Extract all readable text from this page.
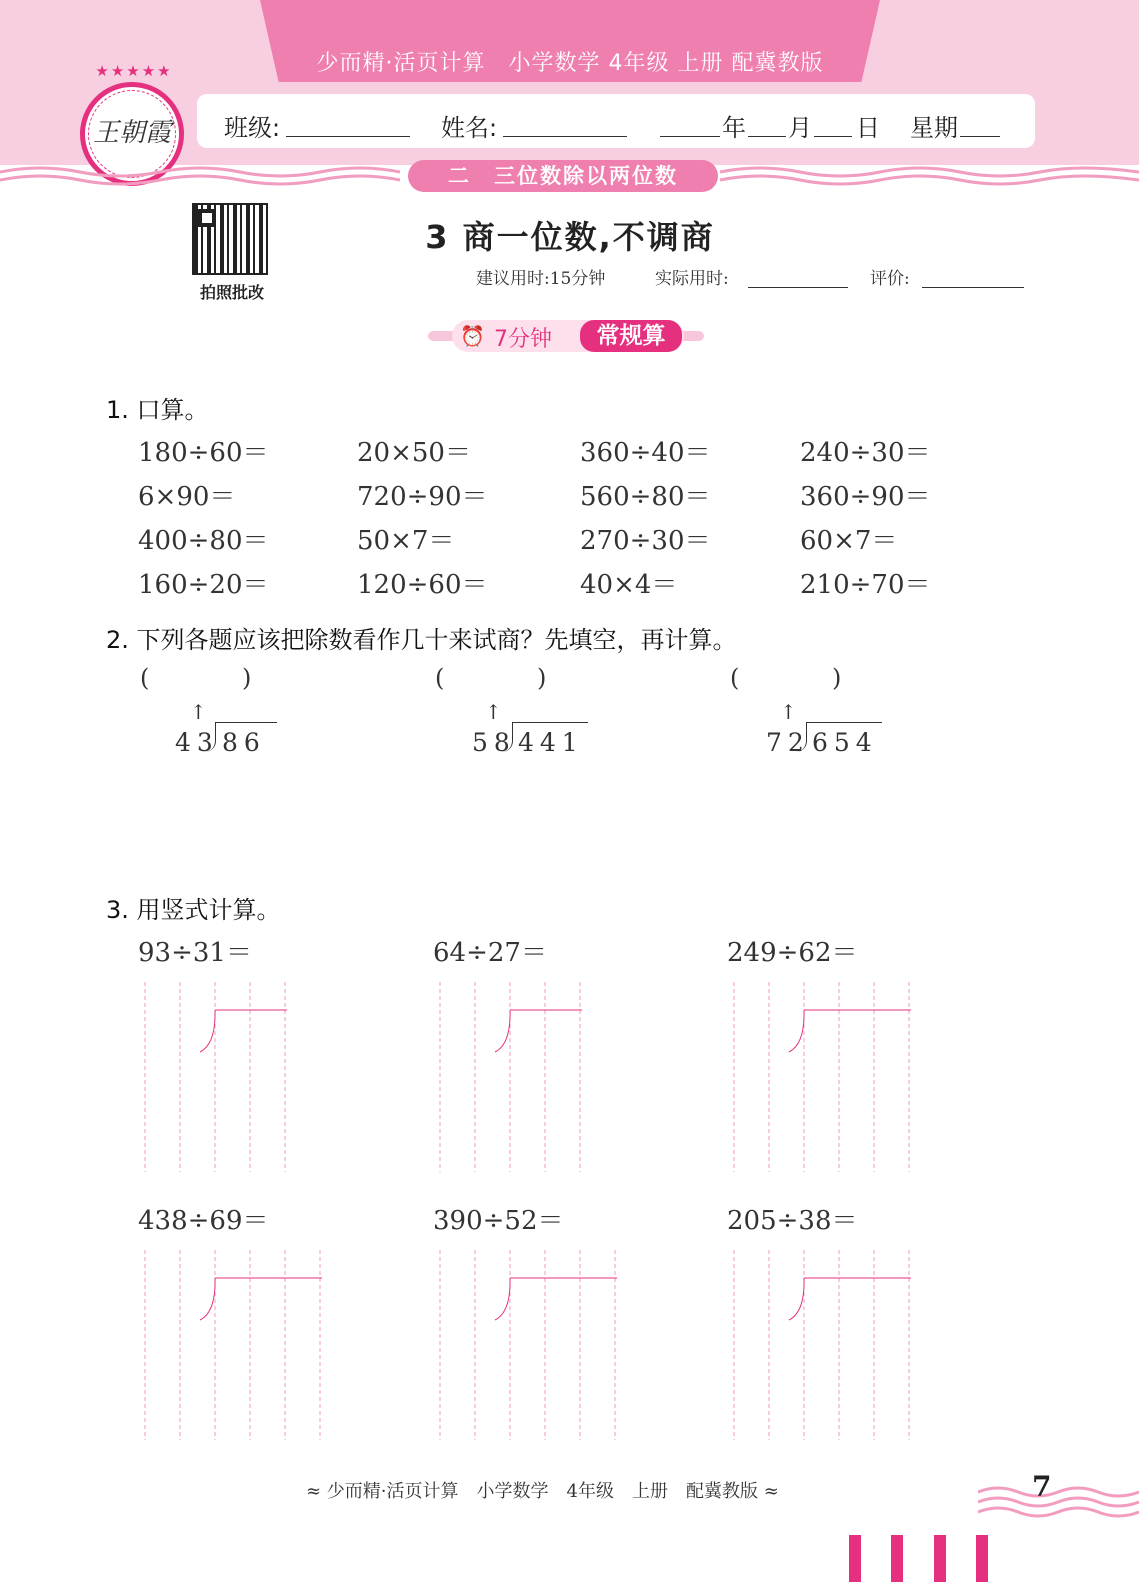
少而精·活页计算　小学数学 4年级 上册 配冀教版
班级:	姓名:	年 月 日 星期
★★★★★
王朝霞
二　三位数除以两位数
拍照批改
3 商一位数,不调商
建议用时:15分钟	实际用时:	评价:
⏰ 7分钟	常规算
1. 口算。
180÷60＝	20×50＝	360÷40＝	240÷30＝
6×90＝	720÷90＝	560÷80＝	360÷90＝
400÷80＝	50×7＝	270÷30＝	60×7＝
160÷20＝	120÷60＝	40×4＝	210÷70＝
2. 下列各题应该把除数看作几十来试商？先填空，再计算。
(	)
↑
43 86
(	)
↑
58 441
(	)
↑
72 654
3. 用竖式计算。
93÷31＝	64÷27＝	249÷62＝
438÷69＝	390÷52＝	205÷38＝
≈ 少而精·活页计算　小学数学　4年级　上册　配冀教版 ≈	7
